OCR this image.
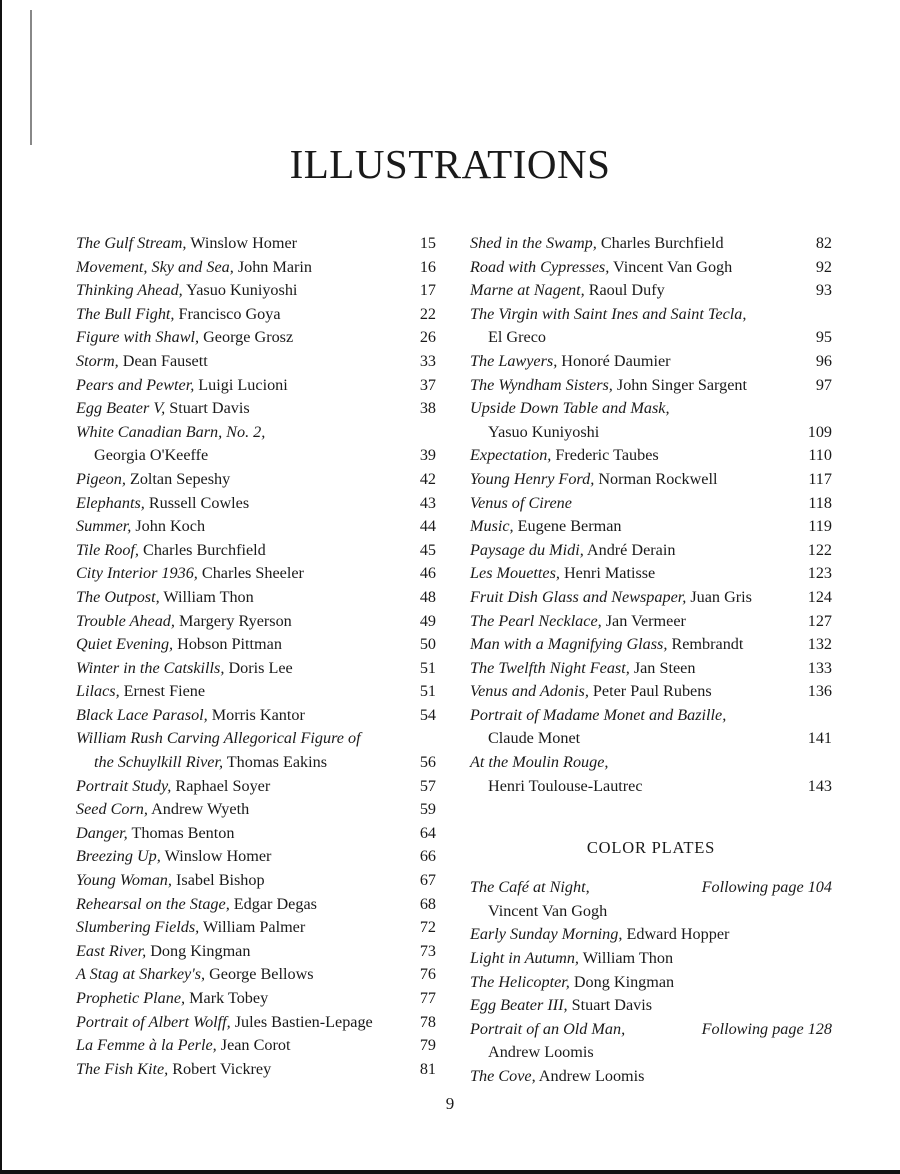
ILLUSTRATIONS
The Gulf Stream, Winslow Homer	15
Movement, Sky and Sea, John Marin	16
Thinking Ahead, Yasuo Kuniyoshi	17
The Bull Fight, Francisco Goya	22
Figure with Shawl, George Grosz	26
Storm, Dean Fausett	33
Pears and Pewter, Luigi Lucioni	37
Egg Beater V, Stuart Davis	38
White Canadian Barn, No. 2,
Georgia O'Keeffe	39
Pigeon, Zoltan Sepeshy	42
Elephants, Russell Cowles	43
Summer, John Koch	44
Tile Roof, Charles Burchfield	45
City Interior 1936, Charles Sheeler	46
The Outpost, William Thon	48
Trouble Ahead, Margery Ryerson	49
Quiet Evening, Hobson Pittman	50
Winter in the Catskills, Doris Lee	51
Lilacs, Ernest Fiene	51
Black Lace Parasol, Morris Kantor	54
William Rush Carving Allegorical Figure of
the Schuylkill River, Thomas Eakins	56
Portrait Study, Raphael Soyer	57
Seed Corn, Andrew Wyeth	59
Danger, Thomas Benton	64
Breezing Up, Winslow Homer	66
Young Woman, Isabel Bishop	67
Rehearsal on the Stage, Edgar Degas	68
Slumbering Fields, William Palmer	72
East River, Dong Kingman	73
A Stag at Sharkey's, George Bellows	76
Prophetic Plane, Mark Tobey	77
Portrait of Albert Wolff, Jules Bastien-Lepage	78
La Femme à la Perle, Jean Corot	79
The Fish Kite, Robert Vickrey	81
Shed in the Swamp, Charles Burchfield	82
Road with Cypresses, Vincent Van Gogh	92
Marne at Nagent, Raoul Dufy	93
The Virgin with Saint Ines and Saint Tecla,
El Greco	95
The Lawyers, Honoré Daumier	96
The Wyndham Sisters, John Singer Sargent	97
Upside Down Table and Mask,
Yasuo Kuniyoshi	109
Expectation, Frederic Taubes	110
Young Henry Ford, Norman Rockwell	117
Venus of Cirene	118
Music, Eugene Berman	119
Paysage du Midi, André Derain	122
Les Mouettes, Henri Matisse	123
Fruit Dish Glass and Newspaper, Juan Gris	124
The Pearl Necklace, Jan Vermeer	127
Man with a Magnifying Glass, Rembrandt	132
The Twelfth Night Feast, Jan Steen	133
Venus and Adonis, Peter Paul Rubens	136
Portrait of Madame Monet and Bazille,
Claude Monet	141
At the Moulin Rouge,
Henri Toulouse-Lautrec	143
COLOR PLATES
The Café at Night,	Following page 104
Vincent Van Gogh
Early Sunday Morning, Edward Hopper
Light in Autumn, William Thon
The Helicopter, Dong Kingman
Egg Beater III, Stuart Davis
Portrait of an Old Man,	Following page 128
Andrew Loomis
The Cove, Andrew Loomis
9
